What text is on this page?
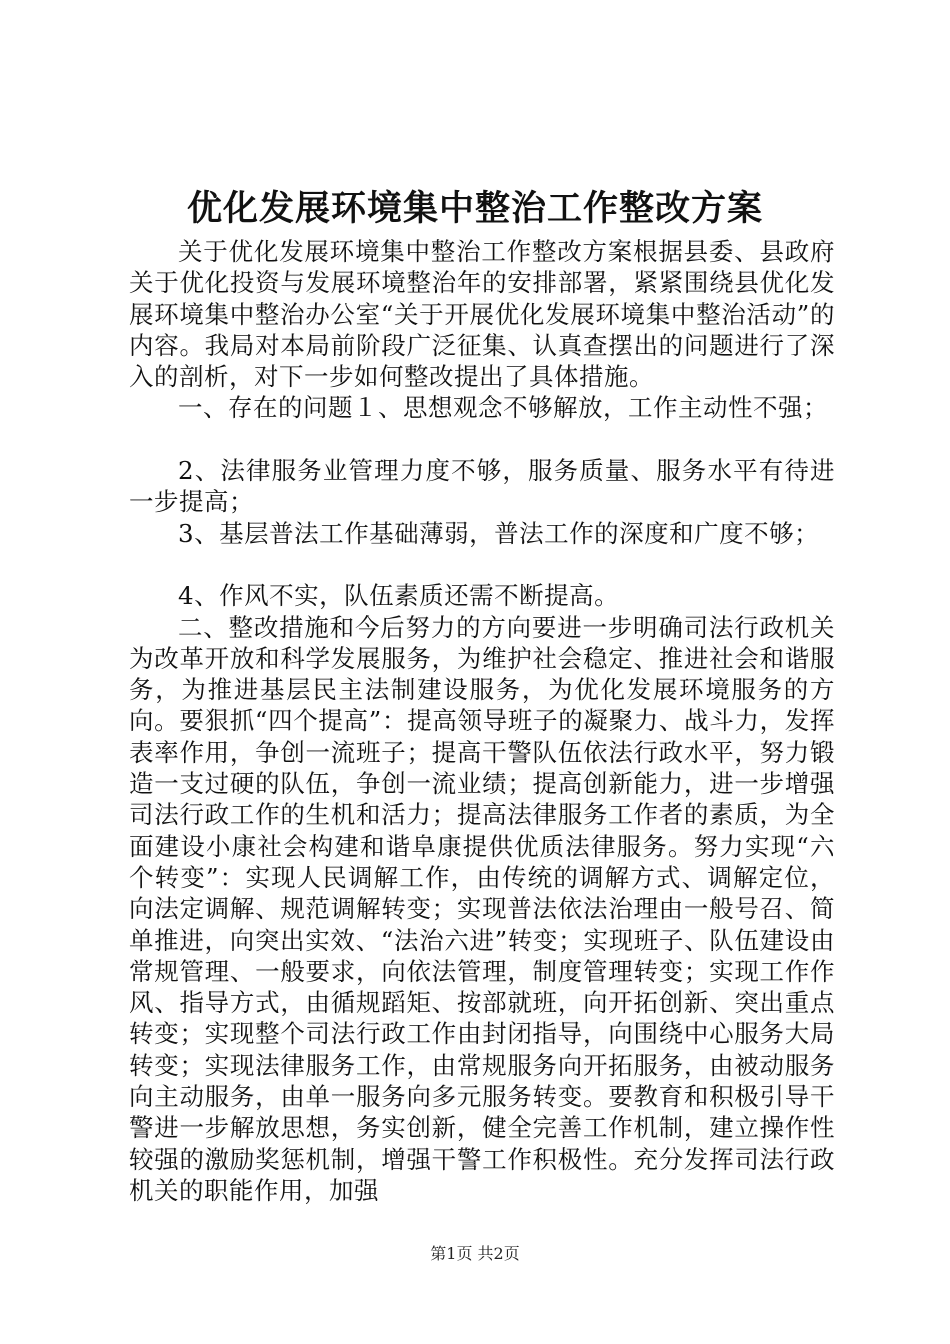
优化发展环境集中整治工作整改方案

关于优化发展环境集中整治工作整改方案根据县委、县政府关于优化投资与发展环境整治年的安排部署，紧紧围绕县优化发展环境集中整治办公室“关于开展优化发展环境集中整治活动”的内容。我局对本局前阶段广泛征集、认真查摆出的问题进行了深入的剖析，对下一步如何整改提出了具体措施。

一、存在的问题１、思想观念不够解放，工作主动性不强；

2、法律服务业管理力度不够，服务质量、服务水平有待进一步提高；

3、基层普法工作基础薄弱，普法工作的深度和广度不够；

4、作风不实，队伍素质还需不断提高。

二、整改措施和今后努力的方向要进一步明确司法行政机关为改革开放和科学发展服务，为维护社会稳定、推进社会和谐服务，为推进基层民主法制建设服务，为优化发展环境服务的方向。要狠抓“四个提高”：提高领导班子的凝聚力、战斗力，发挥表率作用，争创一流班子；提高干警队伍依法行政水平，努力锻造一支过硬的队伍，争创一流业绩；提高创新能力，进一步增强司法行政工作的生机和活力；提高法律服务工作者的素质，为全面建设小康社会构建和谐阜康提供优质法律服务。努力实现“六个转变”：实现人民调解工作，由传统的调解方式、调解定位，向法定调解、规范调解转变；实现普法依法治理由一般号召、简单推进，向突出实效、“法治六进”转变；实现班子、队伍建设由常规管理、一般要求，向依法管理，制度管理转变；实现工作作风、指导方式，由循规蹈矩、按部就班，向开拓创新、突出重点转变；实现整个司法行政工作由封闭指导，向围绕中心服务大局转变；实现法律服务工作，由常规服务向开拓服务，由被动服务向主动服务，由单一服务向多元服务转变。要教育和积极引导干警进一步解放思想，务实创新，健全完善工作机制，建立操作性较强的激励奖惩机制，增强干警工作积极性。充分发挥司法行政机关的职能作用，加强

第1页 共2页
